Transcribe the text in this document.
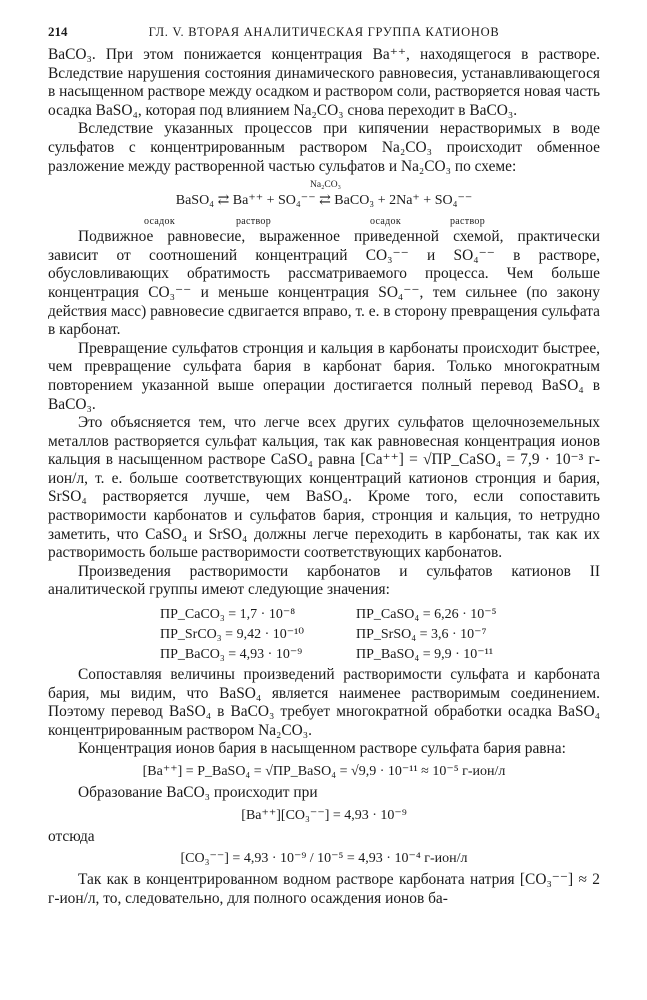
214	ГЛ. V. ВТОРАЯ АНАЛИТИЧЕСКАЯ ГРУППА КАТИОНОВ

BaCO₃. При этом понижается концентрация Ba⁺⁺, находящегося в растворе. Вследствие нарушения состояния динамического равновесия, устанавливающегося в насыщенном растворе между осадком и раствором соли, растворяется новая часть осадка BaSO₄, которая под влиянием Na₂CO₃ снова переходит в BaCO₃.

Вследствие указанных процессов при кипячении нерастворимых в воде сульфатов с концентрированным раствором Na₂CO₃ происходит обменное разложение между растворенной частью сульфатов и Na₂CO₃ по схеме:

Na₂CO₃
BaSO₄ ⇄ Ba⁺⁺ + SO₄⁻⁻ ⇄ BaCO₃ + 2Na⁺ + SO₄⁻⁻
осадок	раствор	осадок	раствор

Подвижное равновесие, выраженное приведенной схемой, практически зависит от соотношений концентраций CO₃⁻⁻ и SO₄⁻⁻ в растворе, обусловливающих обратимость рассматриваемого процесса. Чем больше концентрация CO₃⁻⁻ и меньше концентрация SO₄⁻⁻, тем сильнее (по закону действия масс) равновесие сдвигается вправо, т. е. в сторону превращения сульфата в карбонат.

Превращение сульфатов стронция и кальция в карбонаты происходит быстрее, чем превращение сульфата бария в карбонат бария. Только многократным повторением указанной выше операции достигается полный перевод BaSO₄ в BaCO₃.

Это объясняется тем, что легче всех других сульфатов щелочноземельных металлов растворяется сульфат кальция, так как равновесная концентрация ионов кальция в насыщенном растворе CaSO₄ равна [Ca⁺⁺] = √ПР_CaSO₄ = 7,9 · 10⁻³ г-ион/л, т. е. больше соответствующих концентраций катионов стронция и бария, SrSO₄ растворяется лучше, чем BaSO₄. Кроме того, если сопоставить растворимости карбонатов и сульфатов бария, стронция и кальция, то нетрудно заметить, что CaSO₄ и SrSO₄ должны легче переходить в карбонаты, так как их растворимость больше растворимости соответствующих карбонатов.

Произведения растворимости карбонатов и сульфатов катионов II аналитической группы имеют следующие значения:

ПР_CaCO₃ = 1,7 · 10⁻⁸	ПР_CaSO₄ = 6,26 · 10⁻⁵
ПР_SrCO₃ = 9,42 · 10⁻¹⁰	ПР_SrSO₄ = 3,6 · 10⁻⁷
ПР_BaCO₃ = 4,93 · 10⁻⁹	ПР_BaSO₄ = 9,9 · 10⁻¹¹

Сопоставляя величины произведений растворимости сульфата и карбоната бария, мы видим, что BaSO₄ является наименее растворимым соединением. Поэтому перевод BaSO₄ в BaCO₃ требует многократной обработки осадка BaSO₄ концентрированным раствором Na₂CO₃.

Концентрация ионов бария в насыщенном растворе сульфата бария равна:

[Ba⁺⁺] = P_BaSO₄ = √ПР_BaSO₄ = √9,9 · 10⁻¹¹ ≈ 10⁻⁵ г-ион/л

Образование BaCO₃ происходит при

[Ba⁺⁺][CO₃⁻⁻] = 4,93 · 10⁻⁹

отсюда

[CO₃⁻⁻] = 4,93 · 10⁻⁹ / 10⁻⁵ = 4,93 · 10⁻⁴ г-ион/л

Так как в концентрированном водном растворе карбоната натрия [CO₃⁻⁻] ≈ 2 г-ион/л, то, следовательно, для полного осаждения ионов ба-
